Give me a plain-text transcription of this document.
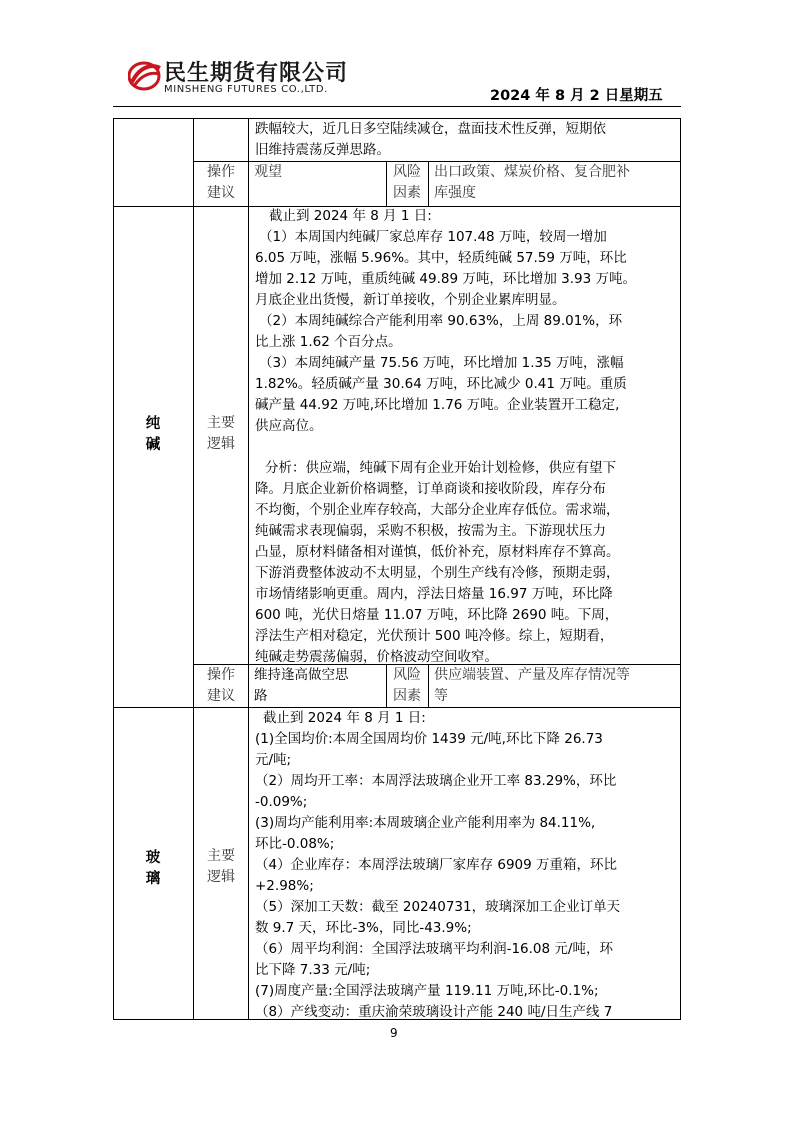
民生期货有限公司
MINSHENG FUTURES CO.,LTD.	2024 年 8 月 2 日星期五
跌幅较大，近几日多空陆续减仓，盘面技术性反弹，短期依
旧维持震荡反弹思路。
操作
建议
观望	风险
因素
出口政策、煤炭价格、复合肥补
库强度
纯
碱
主要
逻辑
截止到 2024 年 8 月 1 日:
（1）本周国内纯碱厂家总库存 107.48 万吨，较周一增加
6.05 万吨，涨幅 5.96%。其中，轻质纯碱 57.59 万吨，环比
增加 2.12 万吨，重质纯碱 49.89 万吨，环比增加 3.93 万吨。
月底企业出货慢，新订单接收，个别企业累库明显。
（2）本周纯碱综合产能利用率 90.63%，上周 89.01%，环
比上涨 1.62 个百分点。
（3）本周纯碱产量 75.56 万吨，环比增加 1.35 万吨，涨幅
1.82%。轻质碱产量 30.64 万吨，环比减少 0.41 万吨。重质
碱产量 44.92 万吨,环比增加 1.76 万吨。企业装置开工稳定,
供应高位。
分析：供应端，纯碱下周有企业开始计划检修，供应有望下
降。月底企业新价格调整，订单商谈和接收阶段，库存分布
不均衡，个别企业库存较高，大部分企业库存低位。需求端，
纯碱需求表现偏弱，采购不积极，按需为主。下游现状压力
凸显，原材料储备相对谨慎，低价补充，原材料库存不算高。
下游消费整体波动不太明显，个别生产线有冷修，预期走弱，
市场情绪影响更重。周内，浮法日熔量 16.97 万吨，环比降
600 吨，光伏日熔量 11.07 万吨，环比降 2690 吨。下周，
浮法生产相对稳定，光伏预计 500 吨冷修。综上，短期看，
纯碱走势震荡偏弱，价格波动空间收窄。
操作
建议
维持逢高做空思
路
风险
因素
供应端装置、产量及库存情况等
等
玻
璃
主要
逻辑
截止到 2024 年 8 月 1 日:
(1)全国均价:本周全国周均价 1439 元/吨,环比下降 26.73
元/吨;
（2）周均开工率：本周浮法玻璃企业开工率 83.29%，环比
-0.09%;
(3)周均产能利用率:本周玻璃企业产能利用率为 84.11%,
环比-0.08%;
（4）企业库存：本周浮法玻璃厂家库存 6909 万重箱，环比
+2.98%;
（5）深加工天数：截至 20240731，玻璃深加工企业订单天
数 9.7 天，环比-3%，同比-43.9%;
（6）周平均利润：全国浮法玻璃平均利润-16.08 元/吨，环
比下降 7.33 元/吨;
(7)周度产量:全国浮法玻璃产量 119.11 万吨,环比-0.1%;
（8）产线变动：重庆渝荣玻璃设计产能 240 吨/日生产线 7
9
